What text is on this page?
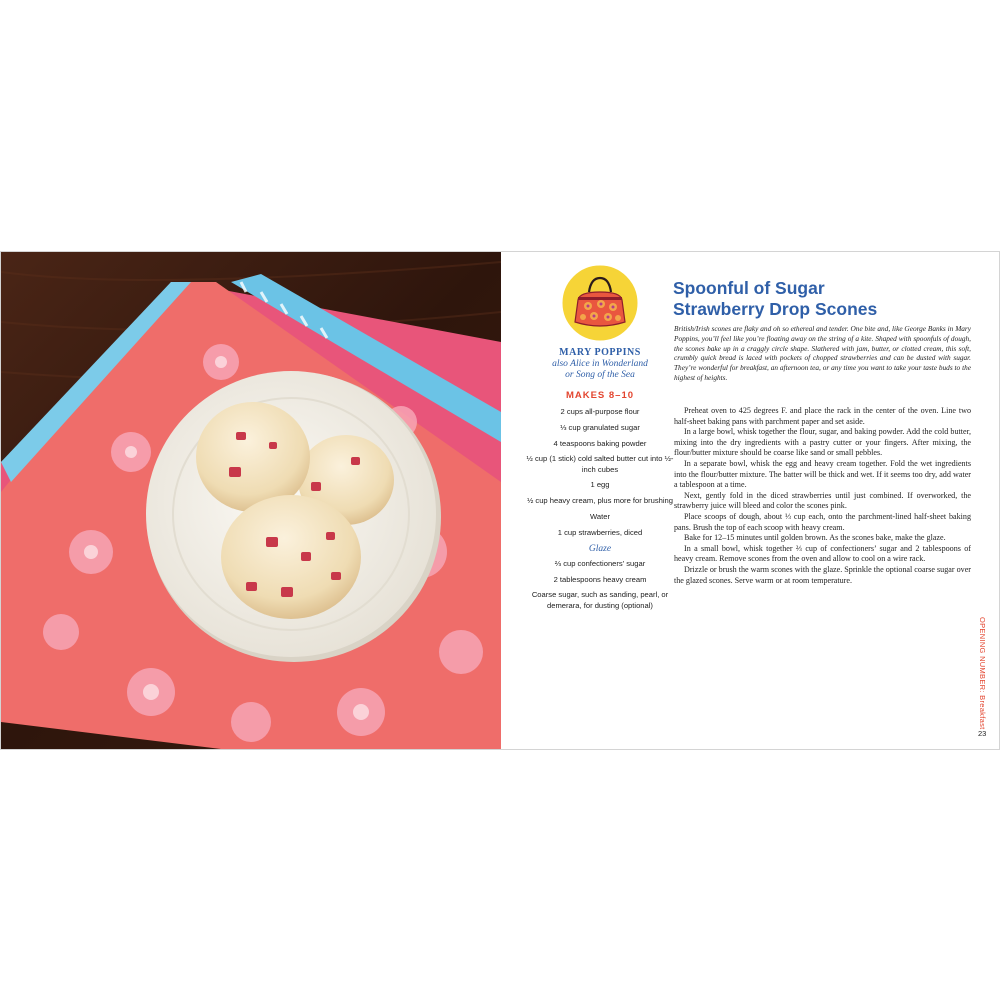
MARY POPPINS
also Alice in Wonderland
or Song of the Sea
MAKES 8–10
2 cups all-purpose flour
⅓ cup granulated sugar
4 teaspoons baking powder
½ cup (1 stick) cold salted butter cut into ½-inch cubes
1 egg
½ cup heavy cream, plus more for brushing
Water
1 cup strawberries, diced
Glaze
⅔ cup confectioners’ sugar
2 tablespoons heavy cream
Coarse sugar, such as sanding, pearl, or demerara, for dusting (optional)
Spoonful of Sugar
Strawberry Drop Scones

British/Irish scones are flaky and oh so ethereal and tender. One bite and, like George Banks in Mary Poppins, you’ll feel like you’re floating away on the string of a kite. Shaped with spoonfuls of dough, the scones bake up in a craggly circle shape. Slathered with jam, butter, or clotted cream, this soft, crumbly quick bread is laced with pockets of chopped strawberries and can be dusted with sugar. They’re wonderful for breakfast, an afternoon tea, or any time you want to take your taste buds to the highest of heights.

Preheat oven to 425 degrees F. and place the rack in the center of the oven. Line two half-sheet baking pans with parchment paper and set aside.

In a large bowl, whisk together the flour, sugar, and baking powder. Add the cold butter, mixing into the dry ingredients with a pastry cutter or your fingers. After mixing, the flour/butter mixture should be coarse like sand or small pebbles.

In a separate bowl, whisk the egg and heavy cream together. Fold the wet ingredients into the flour/butter mixture. The batter will be thick and wet. If it seems too dry, add water a tablespoon at a time.

Next, gently fold in the diced strawberries until just combined. If overworked, the strawberry juice will bleed and color the scones pink.

Place scoops of dough, about ⅓ cup each, onto the parchment-lined half-sheet baking pans. Brush the top of each scoop with heavy cream.

Bake for 12–15 minutes until golden brown. As the scones bake, make the glaze.

In a small bowl, whisk together ⅔ cup of confectioners’ sugar and 2 tablespoons of heavy cream. Remove scones from the oven and allow to cool on a wire rack.

Drizzle or brush the warm scones with the glaze. Sprinkle the optional coarse sugar over the glazed scones. Serve warm or at room temperature.

OPENING NUMBER: Breakfast
23
